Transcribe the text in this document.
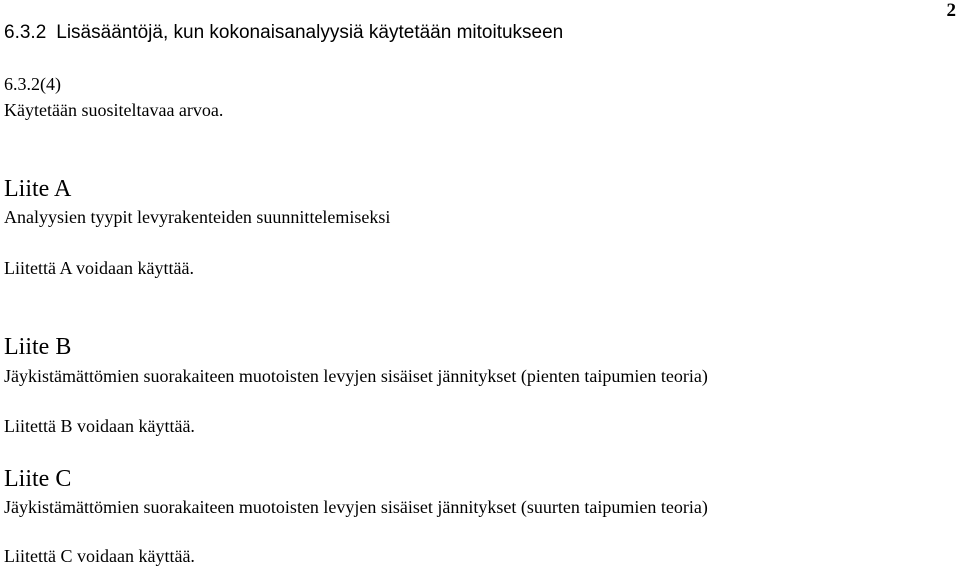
2
6.3.2 Lisäsääntöjä, kun kokonaisanalyysiä käytetään mitoitukseen
6.3.2(4)
Käytetään suositeltavaa arvoa.
Liite A
Analyysien tyypit levyrakenteiden suunnittelemiseksi
Liitettä A voidaan käyttää.
Liite B
Jäykistämättömien suorakaiteen muotoisten levyjen sisäiset jännitykset (pienten taipumien teoria)
Liitettä B voidaan käyttää.
Liite C
Jäykistämättömien suorakaiteen muotoisten levyjen sisäiset jännitykset (suurten taipumien teoria)
Liitettä C voidaan käyttää.
